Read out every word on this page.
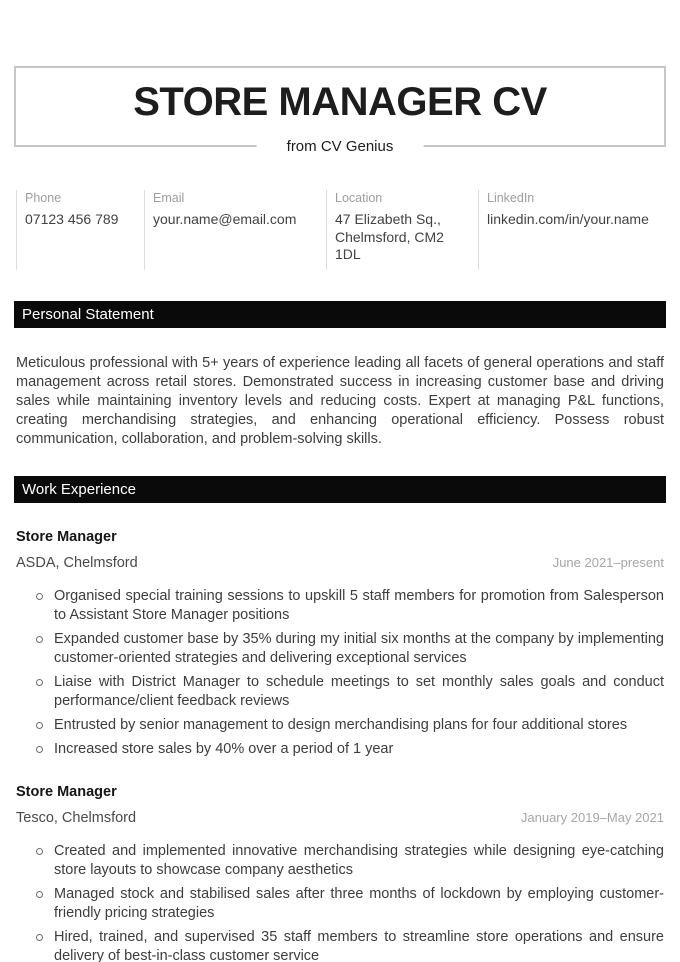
STORE MANAGER CV
from CV Genius
Phone
07123 456 789
Email
your.name@email.com
Location
47 Elizabeth Sq., Chelmsford, CM2 1DL
LinkedIn
linkedin.com/in/your.name
Personal Statement

Meticulous professional with 5+ years of experience leading all facets of general operations and staff management across retail stores. Demonstrated success in increasing customer base and driving sales while maintaining inventory levels and reducing costs. Expert at managing P&L functions, creating merchandising strategies, and enhancing operational efficiency. Possess robust communication, collaboration, and problem-solving skills.

Work Experience
Store Manager
ASDA, Chelmsford	June 2021–present
Organised special training sessions to upskill 5 staff members for promotion from Salesperson to Assistant Store Manager positions
Expanded customer base by 35% during my initial six months at the company by implementing customer-oriented strategies and delivering exceptional services
Liaise with District Manager to schedule meetings to set monthly sales goals and conduct performance/client feedback reviews
Entrusted by senior management to design merchandising plans for four additional stores
Increased store sales by 40% over a period of 1 year
Store Manager
Tesco, Chelmsford	January 2019–May 2021
Created and implemented innovative merchandising strategies while designing eye-catching store layouts to showcase company aesthetics
Managed stock and stabilised sales after three months of lockdown by employing customer-friendly pricing strategies
Hired, trained, and supervised 35 staff members to streamline store operations and ensure delivery of best-in-class customer service
